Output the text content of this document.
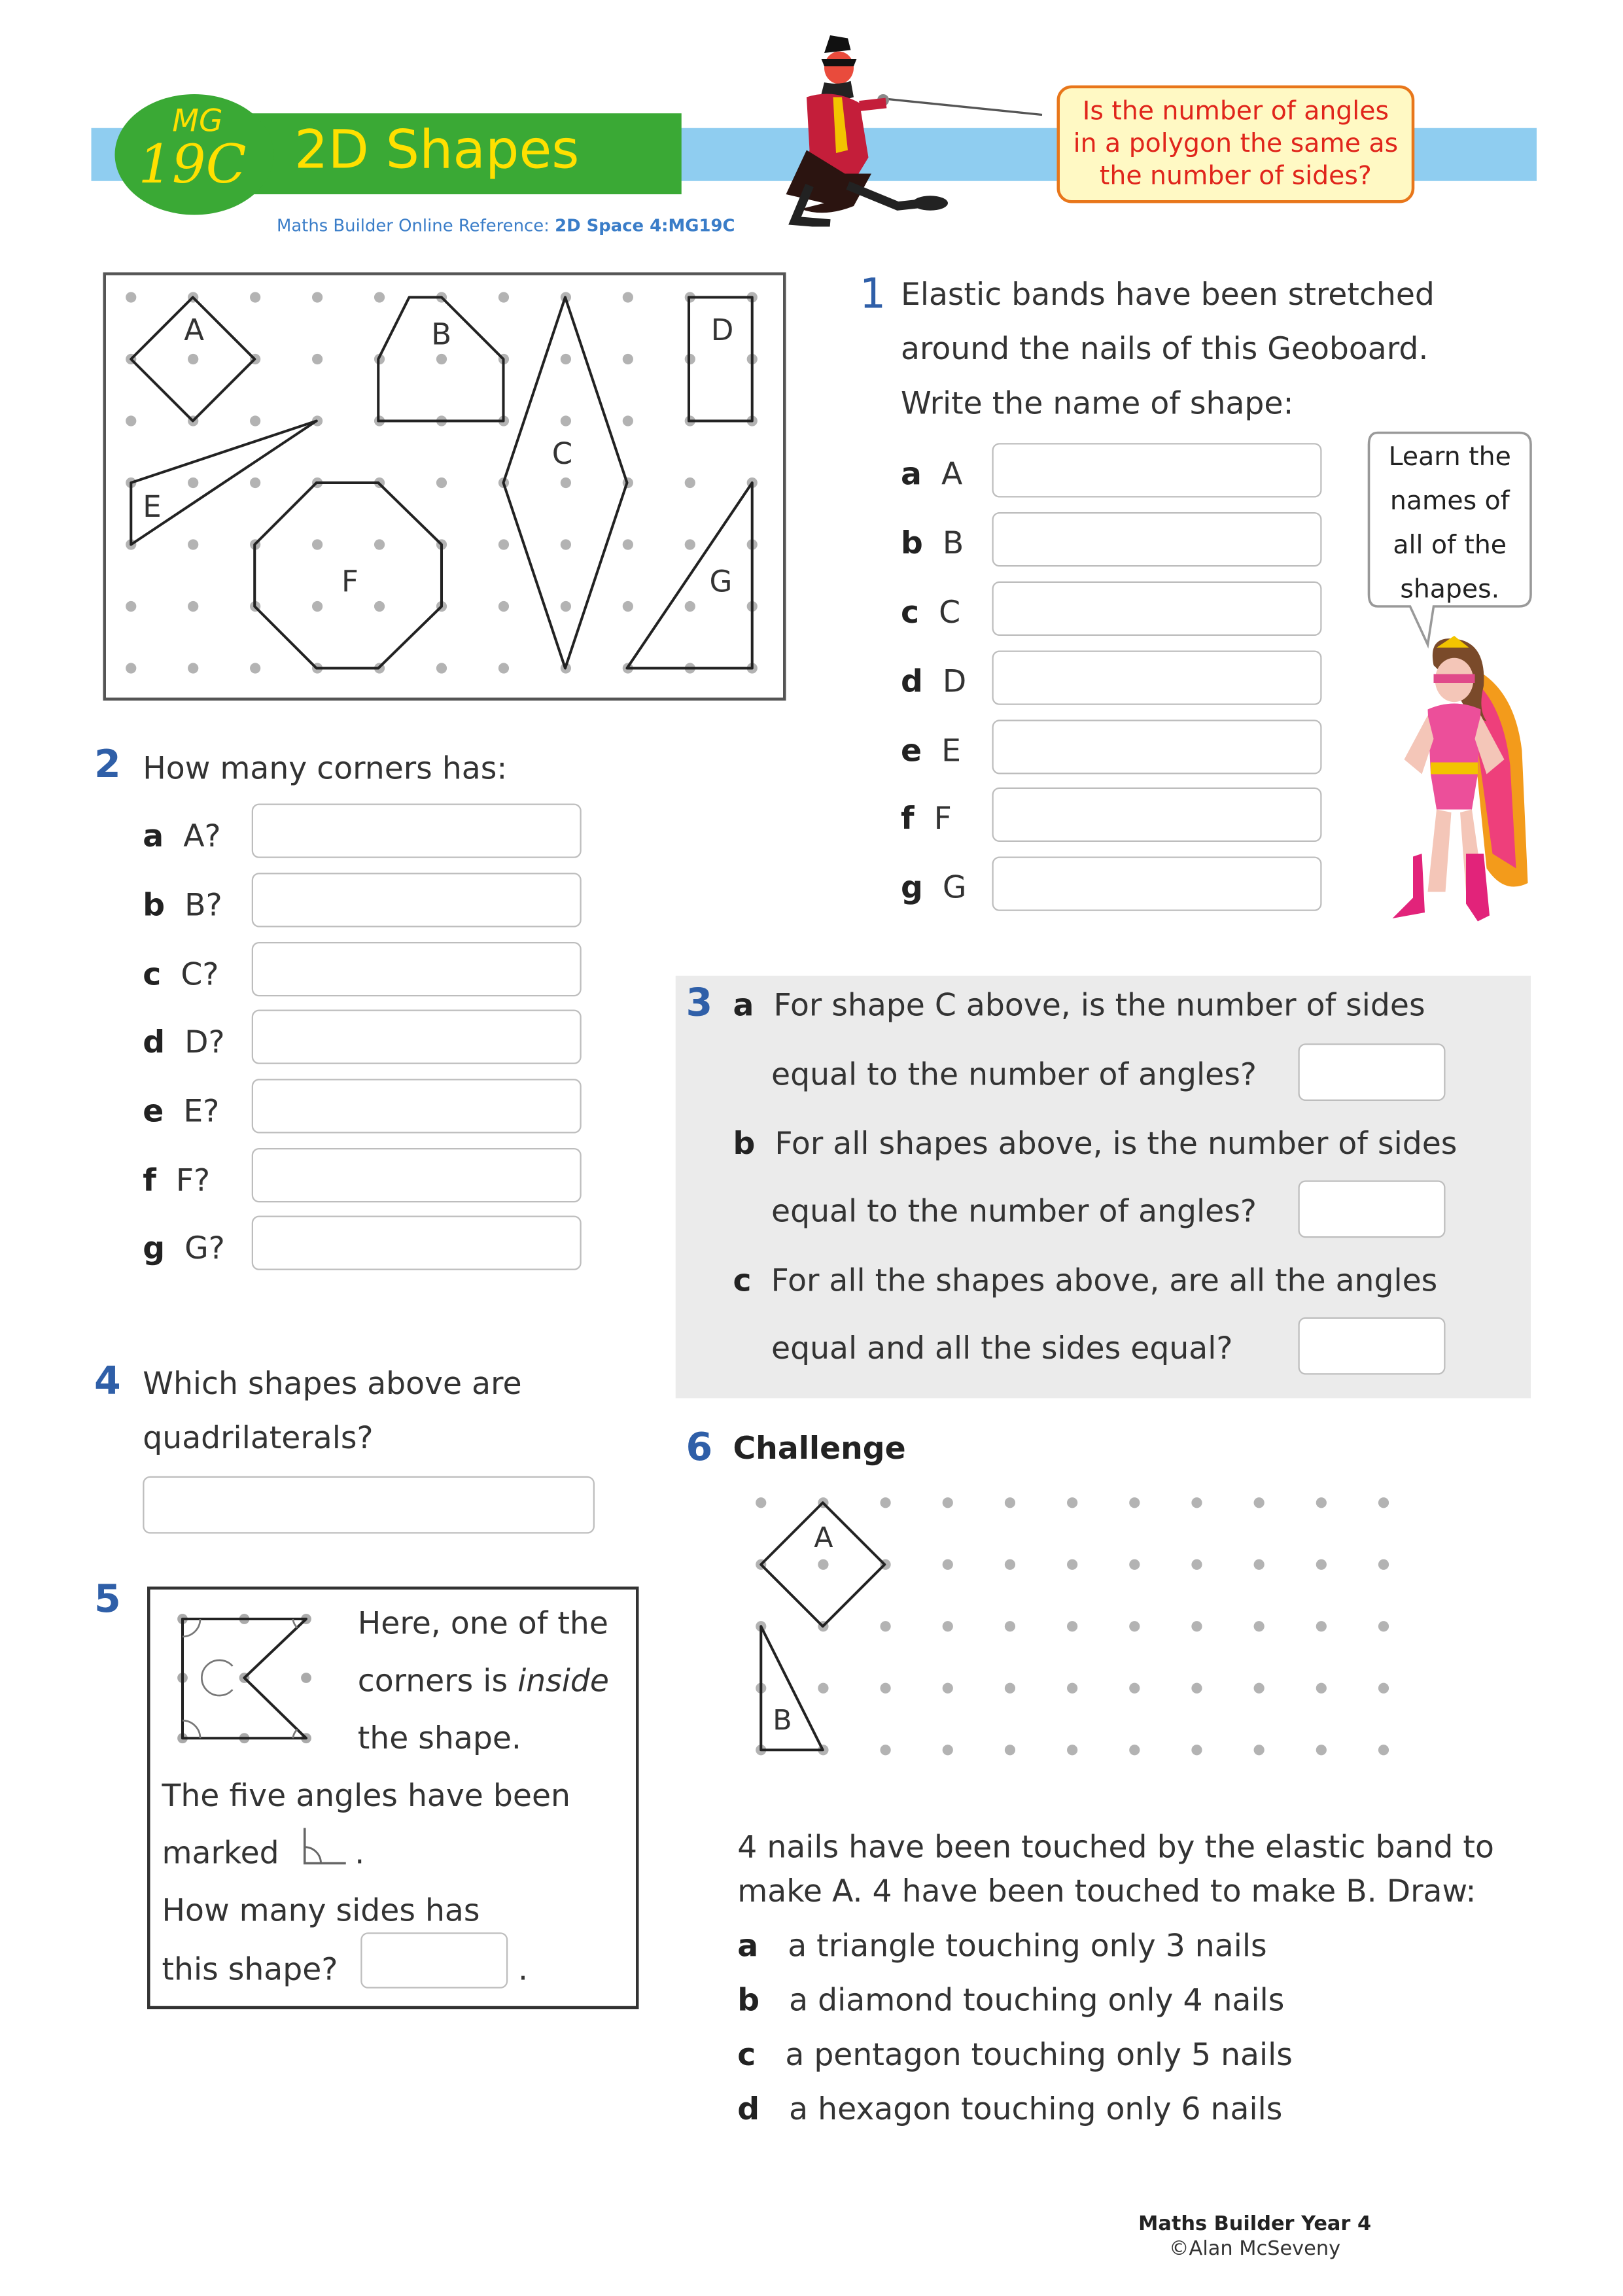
MG
19C 2D Shapes
Maths Builder Online Reference: 2D Space 4:MG19C
Is the number of angles
in a polygon the same as
the number of sides?
A	B
C
D
E
F	G
1 Elastic bands have been stretched
around the nails of this Geoboard.
Write the name of shape:
a A
b B
c C
d D
e E
f F
g G
Learn the
names of
all of the
shapes.
2 How many corners has:
a A?
b B?
c C?
d D?
e E?
f F?
g G?
3 a For shape C above, is the number of sides
equal to the number of angles?
b For all shapes above, is the number of sides
equal to the number of angles?
c For all the shapes above, are all the angles
equal and all the sides equal?
4 Which shapes above are
quadrilaterals?
5
Here, one of the
corners is inside
the shape.
The five angles have been
marked	.
How many sides has
this shape?	.
6 Challenge
A
B
4 nails have been touched by the elastic band to
make A. 4 have been touched to make B. Draw:
a a triangle touching only 3 nails
b a diamond touching only 4 nails
c a pentagon touching only 5 nails
d a hexagon touching only 6 nails
Maths Builder Year 4
©Alan McSeveny
